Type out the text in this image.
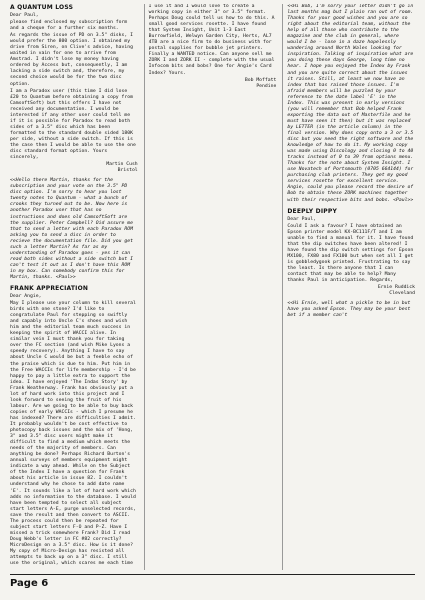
A QUANTUM LOSS

Dear Paul,

please find enclosed my subscription form and a cheque for a further six months.

As regards the issue of PD on 3.5" disks, I would prefer the 800 option. I obtained my drive from Siren, on Clive's advice, having waited in vain for one to arrive from Amstrad. I didn't lose my money having ordered by Access but, consequently, I am lacking a side switch and, therefore, my second choice would be for the two disc option.

I am a Paradox user (this time I did lose £20 to Quantum before obtaining a copy from CamsoftSoft) but this offers I have not received any documentation. I would be interested if any other user could tell me if it is possible for Paradox to read both sides of a 3.5" disc which has been formatted to the standard double sided 180K per side, without a side switch. If this is the case then I would be able to use the one disc standard format option. Yours sincerely,

Martin Cush

Bristol

<<Hello there Martin, thanks for the subscription and your vote on the 3.5" PD disc option. I'm sorry to hear you lost twenty notes to Quantum - what a bunch of crooks they turned out to be. Now here is another Paradox user that has no instructions and does old CamsoftSoft are the supplier. Peter Campbell? Oid assure me that to send a letter with each Paradox ROM asking you to send a disc in order to recieve the documentation file. Did you get such a letter Martin? As far as my understanding of Paradox goes - yes it can read both sides without a side switch but I can't test it out as I don't have this ROM in my box. Can somebody confirm this for Martin, thanks. <Paul>>

FRANK APPRECIATION

Dear Angie,

May I please use your column to kill several birds with one stone? I'd like to congratulate Paul for stepping so swiftly and capably into Uncle C's shoes and wish him and the editorial team much success in keeping the spirit of WACCI alive. In similar vein I must thank you for taking over the FC section (and wish Mike Lyons a speedy recovery). Anything I have to say about Uncle C would be but a feeble echo of the praise which is due to him. Put him in the Free WACCIs for life membership - I'd be happy to pay a little extra to support the idea. I have enjoyed 'The Indas Story' by Frank Weatherway. Frank has obviously put a lot of hard work into this project and I look forward to seeing the fruit of his labour. Are we going to be able to buy back copies of early WACCIs - which I presume he has indexed? There are difficulties I admit. It probably wouldn't be cost effective to photocopy back issues and the mix of 'Hong, 3" and 3.5" disc users might make it difficult to find a medium which meets the needs of the majority of members. Can anything be done? Perhaps Richard Burton's annual surveys of members equipment might indicate a way ahead. While on the Subject of the Index I have a question for Frank about his article in issue 82. I couldn't understand why he chose to add date name 'E'. It sounds like a lot of hard work which adds no information to the database. I would have been tempted to select all subject start letters A-E, purge unselected records, save the result and then convert to ASCII. The process could then be repeated for subject start letters F-O and P-Z. Have I missed a trick somewhere Frank? Did I read Doug Webb's letter in FC #82 correctly? MicroDesign on a 3.5" disc. How is it done? My copy of Micro-Design has resisted all attempts to back up on a 3" disc. I still use the original, which scares me each time

I use it and I would love to create a working copy in either 3" or 3.5" format. Perhaps Doug could tell us how to do this. A small good services rosette. I have found that System Insight, Unit 1-3 East Burrowfield, Welwyn Garden City, Herts, AL7 4TB are a nice firm to do business with for postal supplies for bubble jet printers. Finally a WANTED notice. Can anyone sell me ZORK I and ZORK II - complete with the usual Infocom bits and bobs? One for Angie's Card Index? Yours.

Bob Moffatt

Pendine

<<Hi Bob, I'm sorry your letter didn't go in last months mag but I plain ran out of room. Thanks for your good wishes and you are so right about the editorial team, without the help of all those who contribute to the magazine and the club in general, where would I be - lose in a daze hopelessly wandering around North Wales looking for inspiration. Talking of inspiration what are you doing these days George, long time no hear. I hope you enjoyed the Index by Frank and you are quite correct about the issues it raises. Still, at least we now have an index that has raised those issues. I'm afraid members will be puzzled by your reference to the date label 'E' in the Index. This was present in early versions (you will remember that Bob helped Frank exporting the data out of Masterfile and he must have seen it then) but it was replaced by LETTER (in the article column) in the final version. Why does copy onto a 3 or 3.5 disc but you need the right software and the knowledge of how to do it. My working copy was made using Discology and closing 0 to 40 tracks instead of 0 to 39 from options menu. Thanks for the note about System Insight. I use Novatech of Portsmouth (0705 664144) for purchasing club printers. They get my good services rosette for excellent service. Angie, could you please record the desire of Bob to obtain these ZORK machines together with their respective bits and bobs. <Paul>>

DEEPLY DIPPY

Dear Paul,

Could I ask a favour? I have obtained an Epson printer model KX-BC111F/T and I am unable to find a manual for it. I have found that the dip switches have been altered! I have found the dip switch settings for Epson MX100, FX80 and FX100 but when set all I get is gobbledygook printed. Frustrating to say the least. Is there anyone that I can contact that may be able to help? Many thanks Paul in anticipation. Regards,

Ernie Ruddick

Cleveland

<<Hi Ernie, well what a pickle to be in but have you asked Epson. They may be your best bet if a member can't

Page 6
